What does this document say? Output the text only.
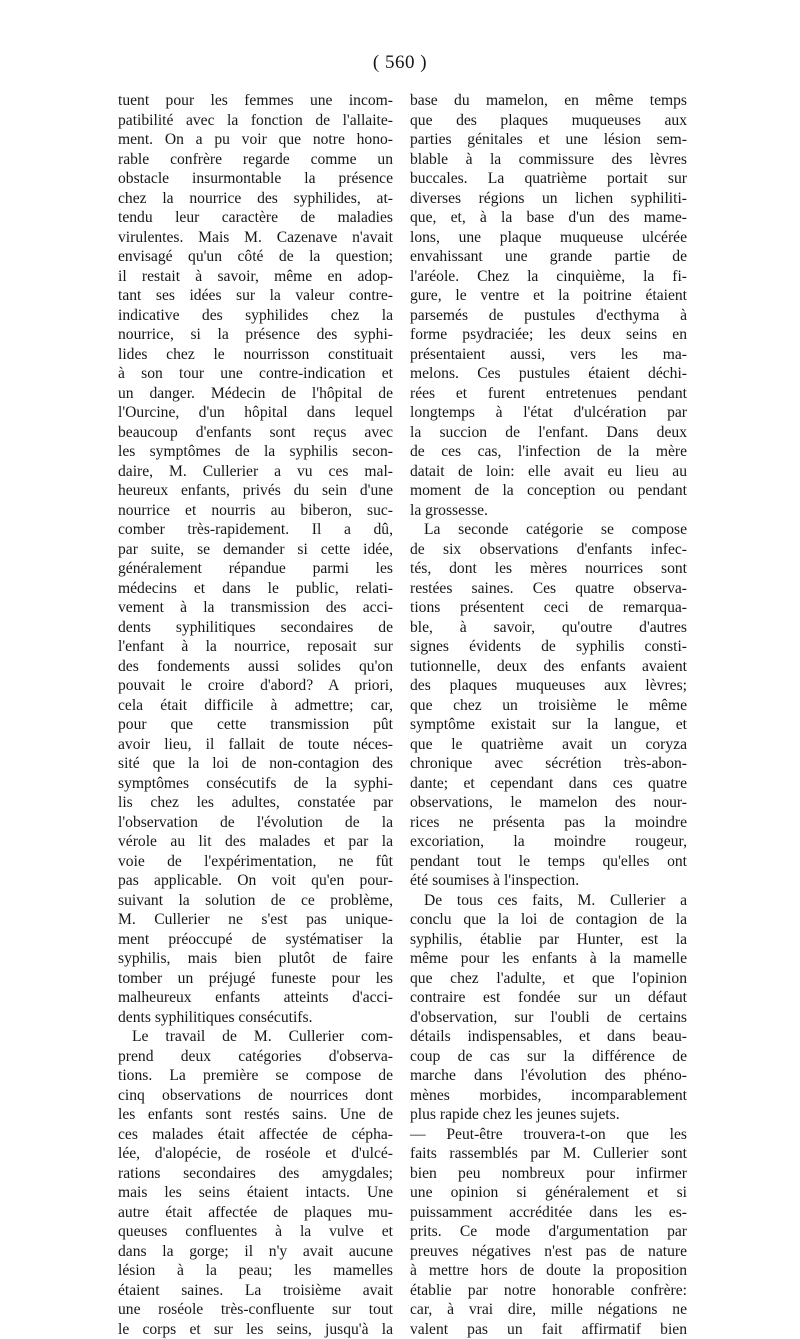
( 560 )
tuent pour les femmes une incom-
patibilité avec la fonction de l'allaite-
ment. On a pu voir que notre hono-
rable confrère regarde comme un
obstacle insurmontable la présence
chez la nourrice des syphilides, at-
tendu leur caractère de maladies
virulentes. Mais M. Cazenave n'avait
envisagé qu'un côté de la question;
il restait à savoir, même en adop-
tant ses idées sur la valeur contre-
indicative des syphilides chez la
nourrice, si la présence des syphi-
lides chez le nourrisson constituait
à son tour une contre-indication et
un danger. Médecin de l'hôpital de
l'Ourcine, d'un hôpital dans lequel
beaucoup d'enfants sont reçus avec
les symptômes de la syphilis secon-
daire, M. Cullerier a vu ces mal-
heureux enfants, privés du sein d'une
nourrice et nourris au biberon, suc-
comber très-rapidement. Il a dû,
par suite, se demander si cette idée,
généralement répandue parmi les
médecins et dans le public, relati-
vement à la transmission des acci-
dents syphilitiques secondaires de
l'enfant à la nourrice, reposait sur
des fondements aussi solides qu'on
pouvait le croire d'abord? A priori,
cela était difficile à admettre; car,
pour que cette transmission pût
avoir lieu, il fallait de toute néces-
sité que la loi de non-contagion des
symptômes consécutifs de la syphi-
lis chez les adultes, constatée par
l'observation de l'évolution de la
vérole au lit des malades et par la
voie de l'expérimentation, ne fût
pas applicable. On voit qu'en pour-
suivant la solution de ce problème,
M. Cullerier ne s'est pas unique-
ment préoccupé de systématiser la
syphilis, mais bien plutôt de faire
tomber un préjugé funeste pour les
malheureux enfants atteints d'acci-
dents syphilitiques consécutifs.
Le travail de M. Cullerier com-
prend deux catégories d'observa-
tions. La première se compose de
cinq observations de nourrices dont
les enfants sont restés sains. Une de
ces malades était affectée de cépha-
lée, d'alopécie, de roséole et d'ulcé-
rations secondaires des amygdales;
mais les seins étaient intacts. Une
autre était affectée de plaques mu-
queuses confluentes à la vulve et
dans la gorge; il n'y avait aucune
lésion à la peau; les mamelles
étaient saines. La troisième avait
une roséole très-confluente sur tout
le corps et sur les seins, jusqu'à la
base du mamelon, en même temps
que des plaques muqueuses aux
parties génitales et une lésion sem-
blable à la commissure des lèvres
buccales. La quatrième portait sur
diverses régions un lichen syphiliti-
que, et, à la base d'un des mame-
lons, une plaque muqueuse ulcérée
envahissant une grande partie de
l'aréole. Chez la cinquième, la fi-
gure, le ventre et la poitrine étaient
parsemés de pustules d'ecthyma à
forme psydraciée; les deux seins en
présentaient aussi, vers les ma-
melons. Ces pustules étaient déchi-
rées et furent entretenues pendant
longtemps à l'état d'ulcération par
la succion de l'enfant. Dans deux
de ces cas, l'infection de la mère
datait de loin: elle avait eu lieu au
moment de la conception ou pendant
la grossesse.
La seconde catégorie se compose
de six observations d'enfants infec-
tés, dont les mères nourrices sont
restées saines. Ces quatre observa-
tions présentent ceci de remarqua-
ble, à savoir, qu'outre d'autres
signes évidents de syphilis consti-
tutionnelle, deux des enfants avaient
des plaques muqueuses aux lèvres;
que chez un troisième le même
symptôme existait sur la langue, et
que le quatrième avait un coryza
chronique avec sécrétion très-abon-
dante; et cependant dans ces quatre
observations, le mamelon des nour-
rices ne présenta pas la moindre
excoriation, la moindre rougeur,
pendant tout le temps qu'elles ont
été soumises à l'inspection.
De tous ces faits, M. Cullerier a
conclu que la loi de contagion de la
syphilis, établie par Hunter, est la
même pour les enfants à la mamelle
que chez l'adulte, et que l'opinion
contraire est fondée sur un défaut
d'observation, sur l'oubli de certains
détails indispensables, et dans beau-
coup de cas sur la différence de
marche dans l'évolution des phéno-
mènes morbides, incomparablement
plus rapide chez les jeunes sujets.
— Peut-être trouvera-t-on que les
faits rassemblés par M. Cullerier sont
bien peu nombreux pour infirmer
une opinion si généralement et si
puissamment accréditée dans les es-
prits. Ce mode d'argumentation par
preuves négatives n'est pas de nature
à mettre hors de doute la proposition
établie par notre honorable confrère:
car, à vrai dire, mille négations ne
valent pas un fait affirmatif bien
